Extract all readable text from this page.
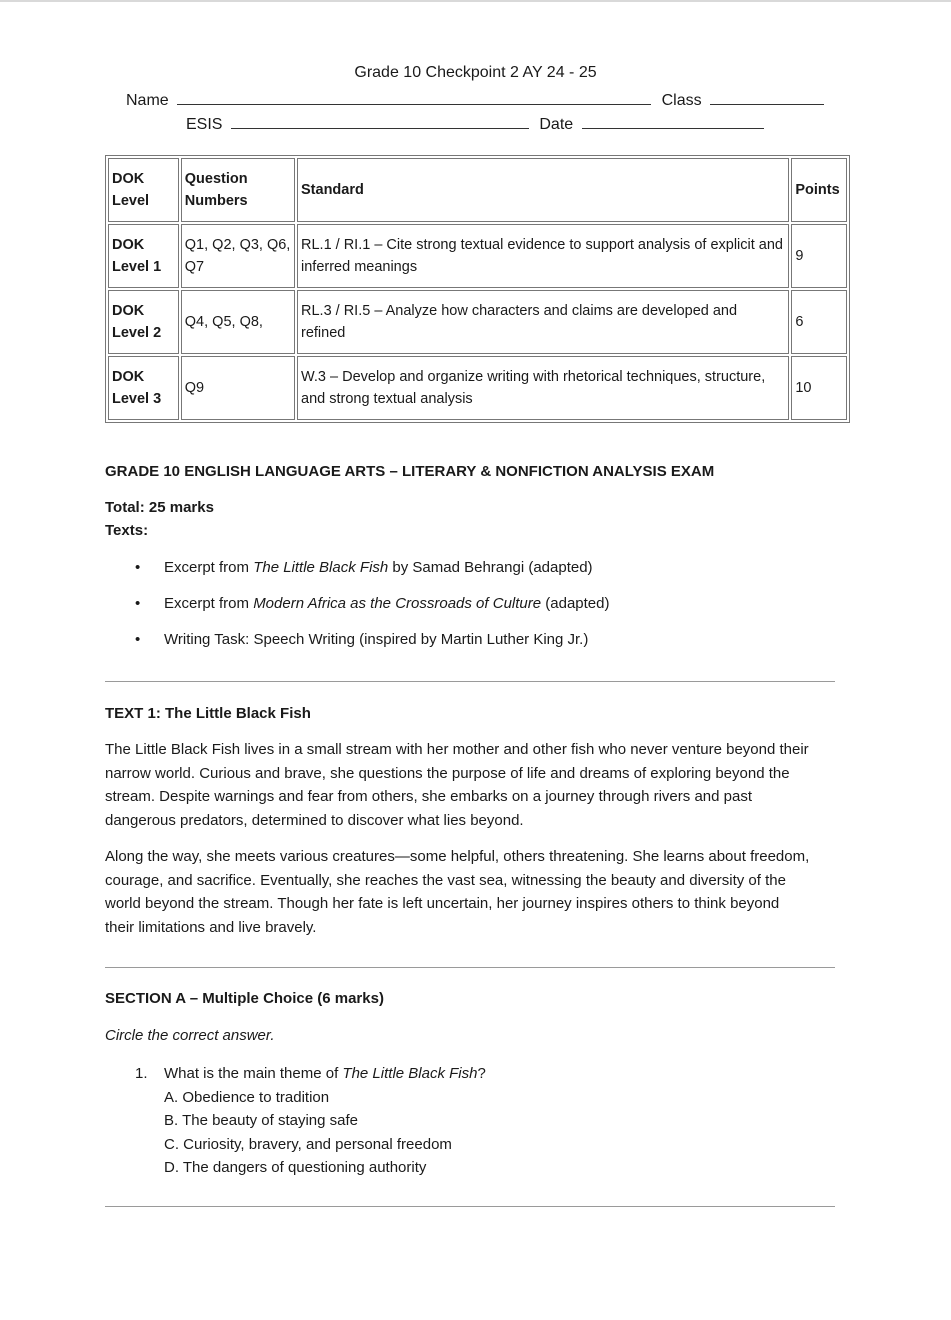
Grade 10 Checkpoint 2 AY 24 - 25
Name	Class
ESIS	Date
DOK Level	Question Numbers	Standard	Points
DOK Level 1	Q1, Q2, Q3, Q6, Q7	RL.1 / RI.1 – Cite strong textual evidence to support analysis of explicit and inferred meanings	9
DOK Level 2	Q4, Q5, Q8,	RL.3 / RI.5 – Analyze how characters and claims are developed and refined	6
DOK Level 3	Q9	W.3 – Develop and organize writing with rhetorical techniques, structure, and strong textual analysis	10
GRADE 10 ENGLISH LANGUAGE ARTS – LITERARY & NONFICTION ANALYSIS EXAM
Total: 25 marks
Texts:
• Excerpt from The Little Black Fish by Samad Behrangi (adapted)
• Excerpt from Modern Africa as the Crossroads of Culture (adapted)
• Writing Task: Speech Writing (inspired by Martin Luther King Jr.)
TEXT 1: The Little Black Fish
The Little Black Fish lives in a small stream with her mother and other fish who never venture beyond their narrow world. Curious and brave, she questions the purpose of life and dreams of exploring beyond the stream. Despite warnings and fear from others, she embarks on a journey through rivers and past dangerous predators, determined to discover what lies beyond.
Along the way, she meets various creatures—some helpful, others threatening. She learns about freedom, courage, and sacrifice. Eventually, she reaches the vast sea, witnessing the beauty and diversity of the world beyond the stream. Though her fate is left uncertain, her journey inspires others to think beyond their limitations and live bravely.
SECTION A – Multiple Choice (6 marks)
Circle the correct answer.
1. What is the main theme of The Little Black Fish?
A. Obedience to tradition
B. The beauty of staying safe
C. Curiosity, bravery, and personal freedom
D. The dangers of questioning authority
